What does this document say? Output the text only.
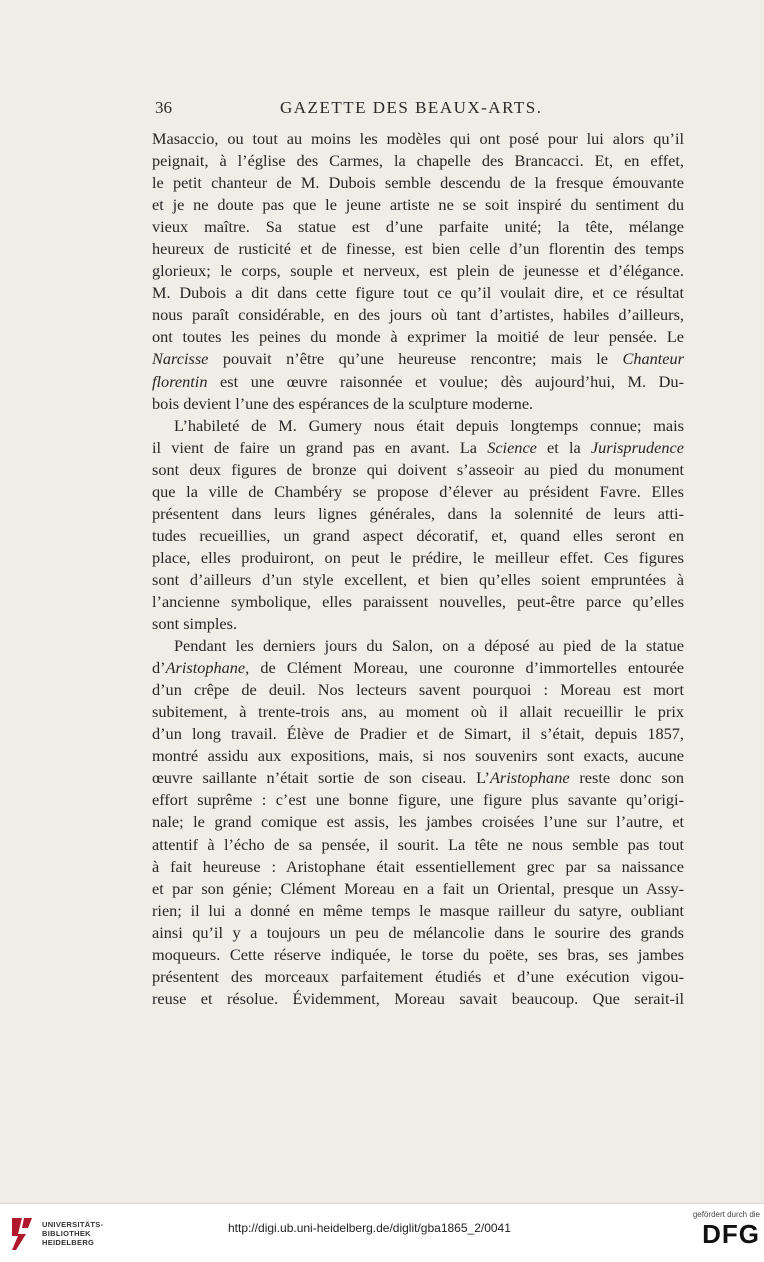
36	GAZETTE DES BEAUX-ARTS.
Masaccio, ou tout au moins les modèles qui ont posé pour lui alors qu’il
peignait, à l’église des Carmes, la chapelle des Brancacci. Et, en effet,
le petit chanteur de M. Dubois semble descendu de la fresque émouvante
et je ne doute pas que le jeune artiste ne se soit inspiré du sentiment du
vieux maître. Sa statue est d’une parfaite unité; la tête, mélange
heureux de rusticité et de finesse, est bien celle d’un florentin des temps
glorieux; le corps, souple et nerveux, est plein de jeunesse et d’élégance.
M. Dubois a dit dans cette figure tout ce qu’il voulait dire, et ce résultat
nous paraît considérable, en des jours où tant d’artistes, habiles d’ailleurs,
ont toutes les peines du monde à exprimer la moitié de leur pensée. Le
Narcisse pouvait n’être qu’une heureuse rencontre; mais le Chanteur
florentin est une œuvre raisonnée et voulue; dès aujourd’hui, M. Du-
bois devient l’une des espérances de la sculpture moderne.
L’habileté de M. Gumery nous était depuis longtemps connue; mais
il vient de faire un grand pas en avant. La Science et la Jurisprudence
sont deux figures de bronze qui doivent s’asseoir au pied du monument
que la ville de Chambéry se propose d’élever au président Favre. Elles
présentent dans leurs lignes générales, dans la solennité de leurs atti-
tudes recueillies, un grand aspect décoratif, et, quand elles seront en
place, elles produiront, on peut le prédire, le meilleur effet. Ces figures
sont d’ailleurs d’un style excellent, et bien qu’elles soient empruntées à
l’ancienne symbolique, elles paraissent nouvelles, peut-être parce qu’elles
sont simples.
Pendant les derniers jours du Salon, on a déposé au pied de la statue
d’Aristophane, de Clément Moreau, une couronne d’immortelles entourée
d’un crêpe de deuil. Nos lecteurs savent pourquoi : Moreau est mort
subitement, à trente-trois ans, au moment où il allait recueillir le prix
d’un long travail. Élève de Pradier et de Simart, il s’était, depuis 1857,
montré assidu aux expositions, mais, si nos souvenirs sont exacts, aucune
œuvre saillante n’était sortie de son ciseau. L’Aristophane reste donc son
effort suprême : c’est une bonne figure, une figure plus savante qu’origi-
nale; le grand comique est assis, les jambes croisées l’une sur l’autre, et
attentif à l’écho de sa pensée, il sourit. La tête ne nous semble pas tout
à fait heureuse : Aristophane était essentiellement grec par sa naissance
et par son génie; Clément Moreau en a fait un Oriental, presque un Assy-
rien; il lui a donné en même temps le masque railleur du satyre, oubliant
ainsi qu’il y a toujours un peu de mélancolie dans le sourire des grands
moqueurs. Cette réserve indiquée, le torse du poëte, ses bras, ses jambes
présentent des morceaux parfaitement étudiés et d’une exécution vigou-
reuse et résolue. Évidemment, Moreau savait beaucoup. Que serait-il
UNIVERSITÄTS-
BIBLIOTHEK
HEIDELBERG
http://digi.ub.uni-heidelberg.de/diglit/gba1865_2/0041
gefördert durch die
DFG
